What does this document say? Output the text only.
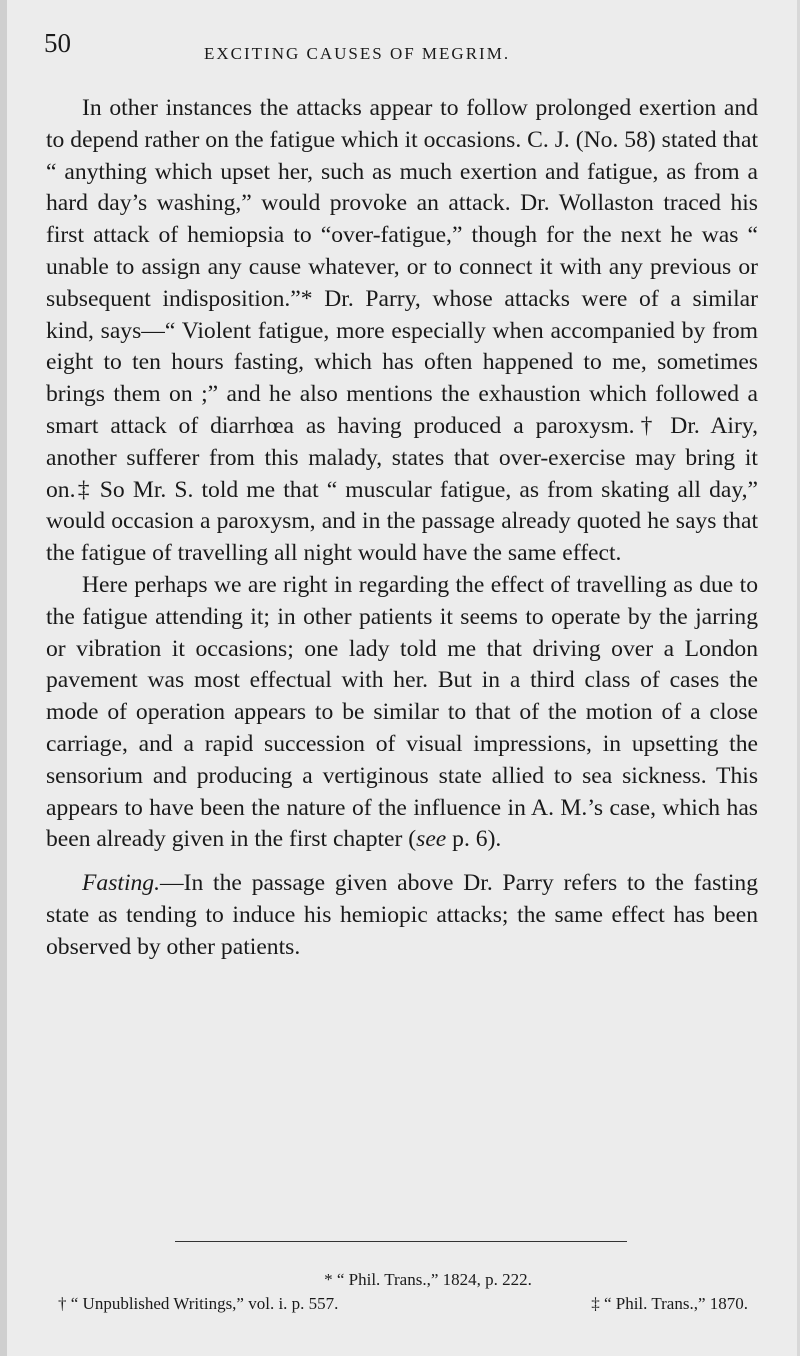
50	EXCITING CAUSES OF MEGRIM.

In other instances the attacks appear to follow prolonged exertion and to depend rather on the fatigue which it occasions. C. J. (No. 58) stated that “ anything which upset her, such as much exertion and fatigue, as from a hard day’s washing,” would provoke an attack. Dr. Wollaston traced his first attack of hemiopsia to “over-fatigue,” though for the next he was “ unable to assign any cause whatever, or to connect it with any previous or subsequent indisposition.”* Dr. Parry, whose attacks were of a similar kind, says—“ Violent fatigue, more especially when accompanied by from eight to ten hours fasting, which has often happened to me, sometimes brings them on ;” and he also mentions the exhaustion which followed a smart attack of diarrhœa as having produced a paroxysm.† Dr. Airy, another sufferer from this malady, states that over-exercise may bring it on.‡ So Mr. S. told me that “ muscular fatigue, as from skating all day,” would occasion a paroxysm, and in the passage already quoted he says that the fatigue of travelling all night would have the same effect.

Here perhaps we are right in regarding the effect of travelling as due to the fatigue attending it; in other patients it seems to operate by the jarring or vibration it occasions; one lady told me that driving over a London pavement was most effectual with her. But in a third class of cases the mode of operation appears to be similar to that of the motion of a close carriage, and a rapid succession of visual impressions, in upsetting the sensorium and producing a vertiginous state allied to sea sickness. This appears to have been the nature of the influence in A. M.’s case, which has been already given in the first chapter (see p. 6).

Fasting.—In the passage given above Dr. Parry refers to the fasting state as tending to induce his hemiopic attacks; the same effect has been observed by other patients.

* “ Phil. Trans.,” 1824, p. 222.
† “ Unpublished Writings,” vol. i. p. 557.	‡ “ Phil. Trans.,” 1870.
